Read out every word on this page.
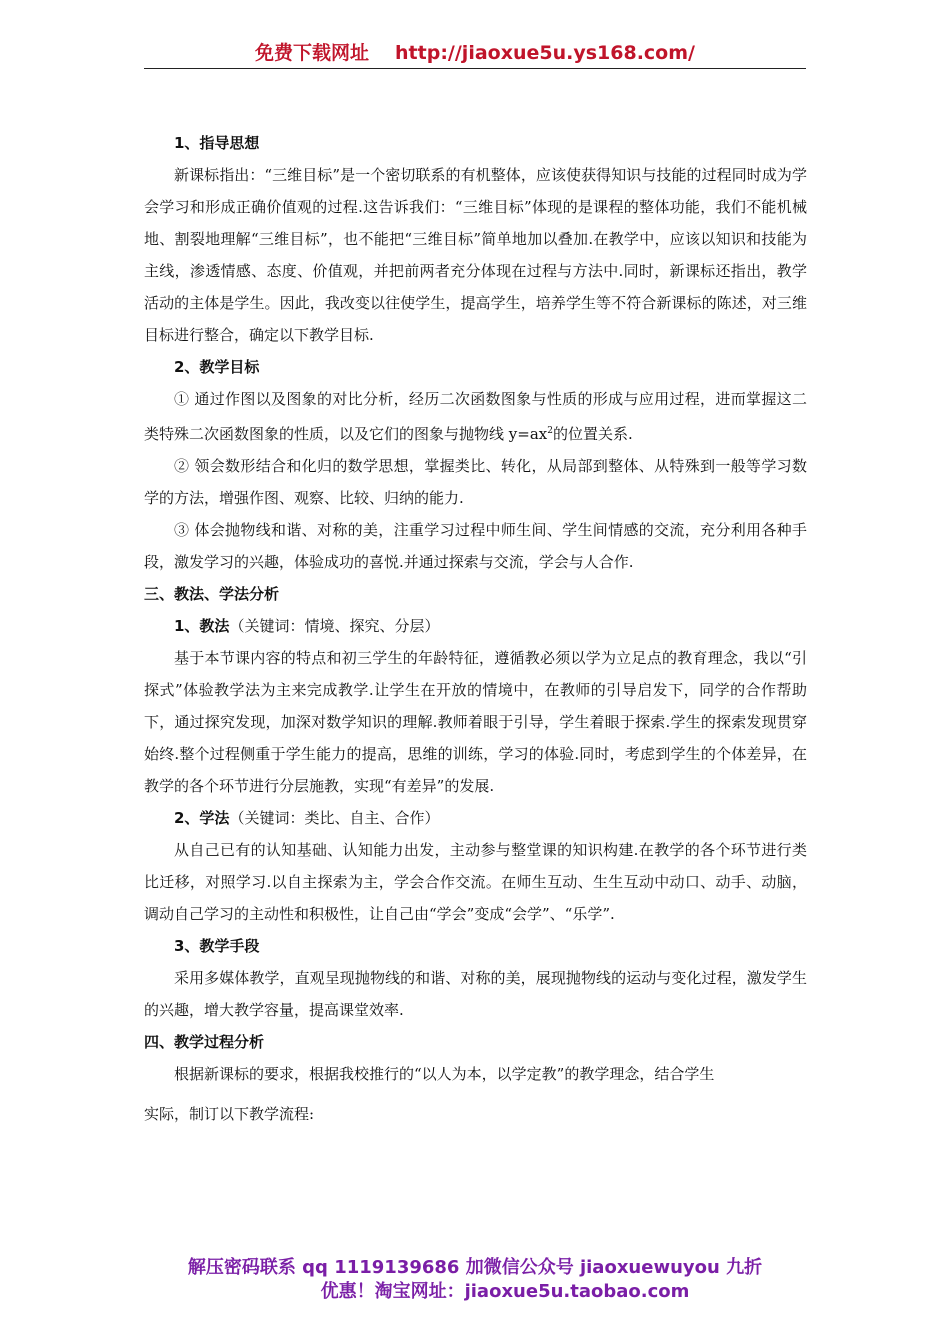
免费下载网址 http://jiaoxue5u.ys168.com/

1、指导思想

新课标指出：“三维目标”是一个密切联系的有机整体，应该使获得知识与技能的过程同时成为学会学习和形成正确价值观的过程.这告诉我们：“三维目标”体现的是课程的整体功能，我们不能机械地、割裂地理解“三维目标”，也不能把“三维目标”简单地加以叠加.在教学中，应该以知识和技能为主线，渗透情感、态度、价值观，并把前两者充分体现在过程与方法中.同时，新课标还指出，教学活动的主体是学生。因此，我改变以往使学生，提高学生，培养学生等不符合新课标的陈述，对三维目标进行整合，确定以下教学目标.

2、教学目标

① 通过作图以及图象的对比分析，经历二次函数图象与性质的形成与应用过程，进而掌握这二类特殊二次函数图象的性质，以及它们的图象与抛物线 $y=ax^2$的位置关系.

② 领会数形结合和化归的数学思想，掌握类比、转化，从局部到整体、从特殊到一般等学习数学的方法，增强作图、观察、比较、归纳的能力.

③ 体会抛物线和谐、对称的美，注重学习过程中师生间、学生间情感的交流，充分利用各种手段，激发学习的兴趣，体验成功的喜悦.并通过探索与交流，学会与人合作.

三、教法、学法分析

1、教法（关键词：情境、探究、分层）

基于本节课内容的特点和初三学生的年龄特征，遵循教必须以学为立足点的教育理念，我以“引探式”体验教学法为主来完成教学.让学生在开放的情境中，在教师的引导启发下，同学的合作帮助下，通过探究发现，加深对数学知识的理解.教师着眼于引导，学生着眼于探索.学生的探索发现贯穿始终.整个过程侧重于学生能力的提高，思维的训练，学习的体验.同时，考虑到学生的个体差异，在教学的各个环节进行分层施教，实现“有差异”的发展.

2、学法（关键词：类比、自主、合作）

从自己已有的认知基础、认知能力出发，主动参与整堂课的知识构建.在教学的各个环节进行类比迁移，对照学习.以自主探索为主，学会合作交流。在师生互动、生生互动中动口、动手、动脑，调动自己学习的主动性和积极性，让自己由“学会”变成“会学”、“乐学”.

3、教学手段

采用多媒体教学，直观呈现抛物线的和谐、对称的美，展现抛物线的运动与变化过程，激发学生的兴趣，增大教学容量，提高课堂效率.

四、教学过程分析

根据新课标的要求，根据我校推行的“以人为本，以学定教”的教学理念，结合学生

实际，制订以下教学流程:

解压密码联系 qq 1119139686 加微信公众号 jiaoxuewuyou 九折
优惠！淘宝网址：jiaoxue5u.taobao.com
